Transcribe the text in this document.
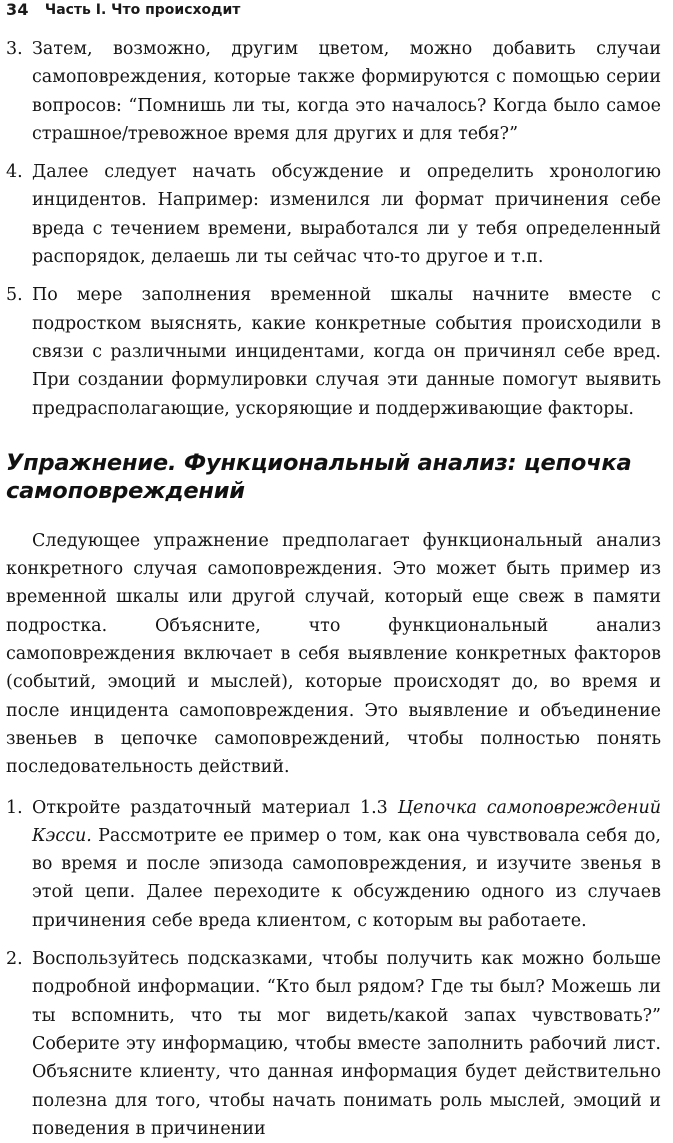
34 Часть I. Что происходит
3. Затем, возможно, другим цветом, можно добавить случаи самоповреждения, которые также формируются с помощью серии вопросов: “Помнишь ли ты, когда это началось? Когда было самое страшное/тревожное время для других и для тебя?”
4. Далее следует начать обсуждение и определить хронологию инцидентов. Например: изменился ли формат причинения себе вреда с течением времени, выработался ли у тебя определенный распорядок, делаешь ли ты сейчас что-то другое и т.п.
5. По мере заполнения временной шкалы начните вместе с подростком выяснять, какие конкретные события происходили в связи с различными инцидентами, когда он причинял себе вред. При создании формулировки случая эти данные помогут выявить предрасполагающие, ускоряющие и поддерживающие факторы.
Упражнение. Функциональный анализ: цепочка самоповреждений

Следующее упражнение предполагает функциональный анализ конкретного случая самоповреждения. Это может быть пример из временной шкалы или другой случай, который еще свеж в памяти подростка. Объясните, что функциональный анализ самоповреждения включает в себя выявление конкретных факторов (событий, эмоций и мыслей), которые происходят до, во время и после инцидента самоповреждения. Это выявление и объединение звеньев в цепочке самоповреждений, чтобы полностью понять последовательность действий.

1. Откройте раздаточный материал 1.3 Цепочка самоповреждений Кэсси. Рассмотрите ее пример о том, как она чувствовала себя до, во время и после эпизода самоповреждения, и изучите звенья в этой цепи. Далее переходите к обсуждению одного из случаев причинения себе вреда клиентом, с которым вы работаете.
2. Воспользуйтесь подсказками, чтобы получить как можно больше подробной информации. “Кто был рядом? Где ты был? Можешь ли ты вспомнить, что ты мог видеть/какой запах чувствовать?” Соберите эту информацию, чтобы вместе заполнить рабочий лист. Объясните клиенту, что данная информация будет действительно полезна для того, чтобы начать понимать роль мыслей, эмоций и поведения в причинении
